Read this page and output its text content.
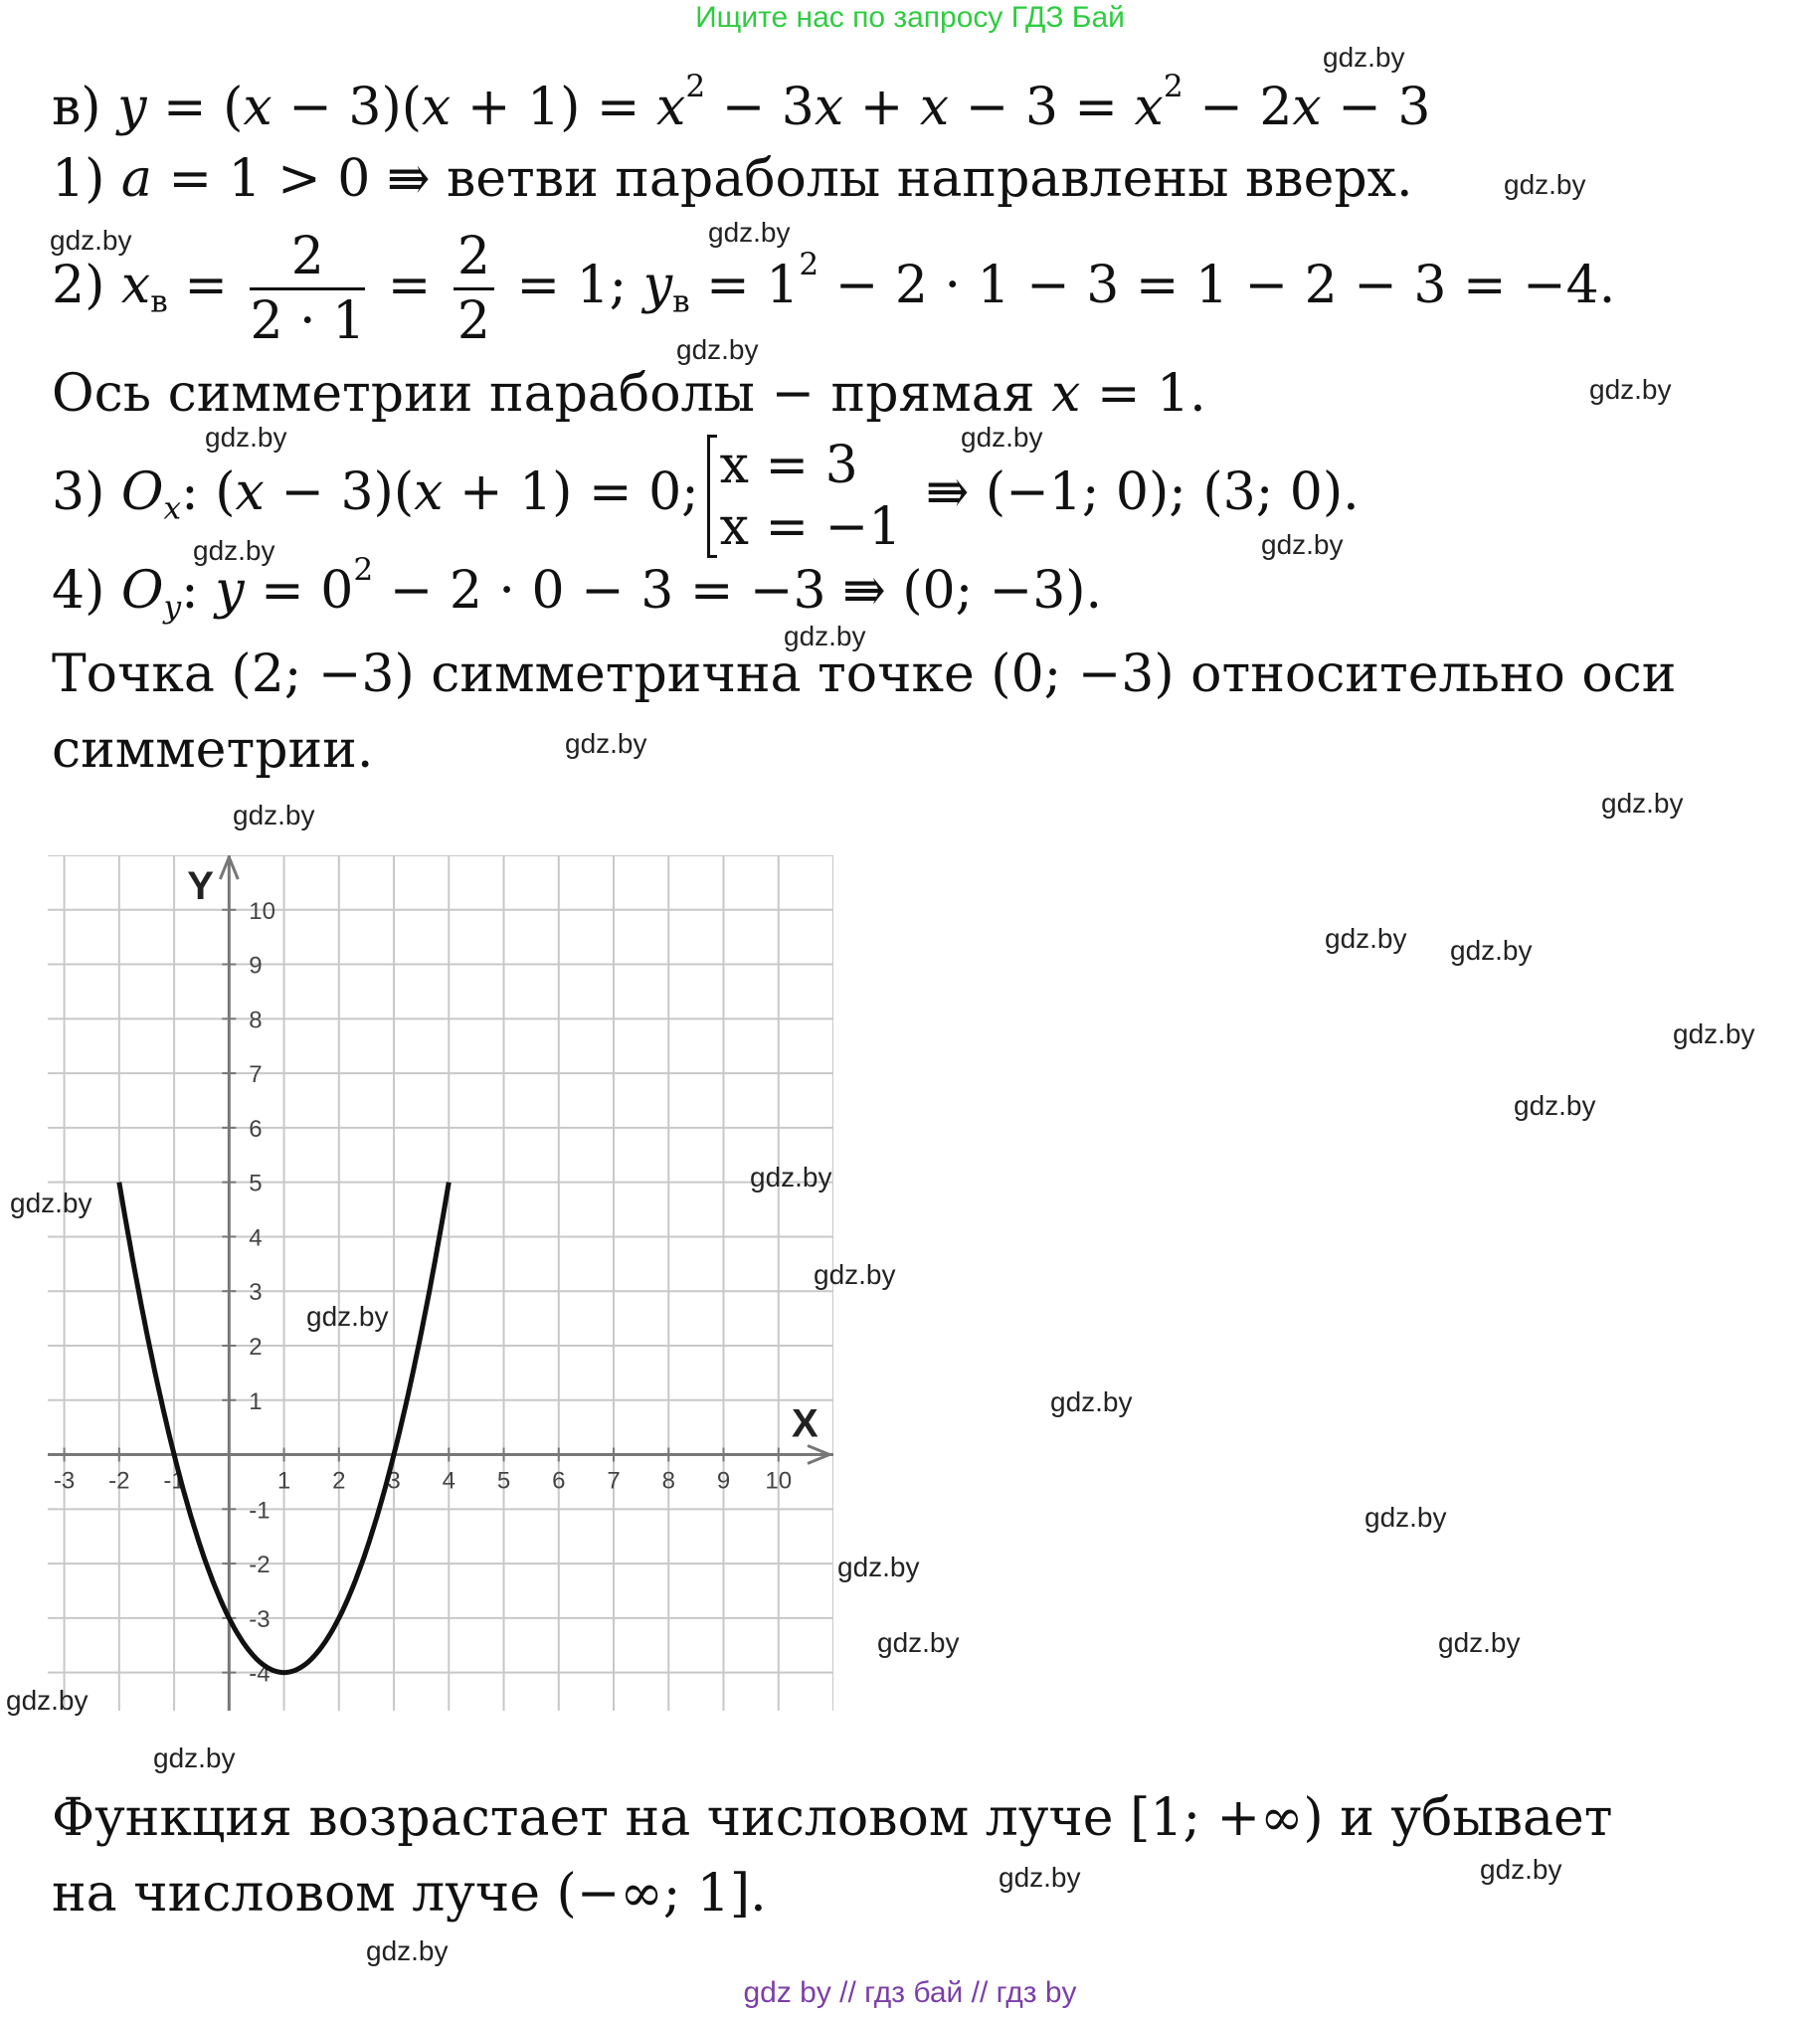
Ищите нас по запросу ГДЗ Бай
в) $y = (x - 3)(x + 1) = x^2 - 3x + x - 3 = x^2 - 2x - 3$
1) a = 1 > 0 ⇛ ветви параболы направлены вверх.
2) $x_в = \frac{2}{2 \cdot 1} = \frac{2}{2} = 1$; $y_в = 1^2 - 2 \cdot 1 - 3 = 1 - 2 - 3 = -4$.
Ось симметрии параболы − прямая x = 1.
3) $O_x$: (x − 3)(x + 1) = 0; x = 3
x = −1
⇛ (−1; 0); (3; 0).
4) $O_y$: $y = 0^2 - 2 \cdot 0 - 3 = -3$ ⇛ (0; −3).
Точка (2; −3) симметрична точке (0; −3) относительно оси симметрии.
X
Y
-3 -2 -1	1 2 3 4 5 6 7 8 9 10
10
9
8
7
6
5
4
3
2
1
-1
-2
-3
-4
Функция возрастает на числовом луче [1; +∞) и убывает на числовом луче (−∞; 1].
gdz.by
gdz.by
gdz.by	gdz.by
gdz.by
gdz.by
gdz.by	gdz.by
gdz.by	gdz.by
gdz.by
gdz.by
gdz.by	gdz.by
gdz.by gdz.by
gdz.by
gdz.by
gdz.by
gdz.by
gdz.by
gdz.by
gdz.by
gdz.by
gdz.by
gdz.by	gdz.by
gdz.by
gdz.by
gdz.by	gdz.by
gdz.by
gdz by // гдз бай // гдз by
